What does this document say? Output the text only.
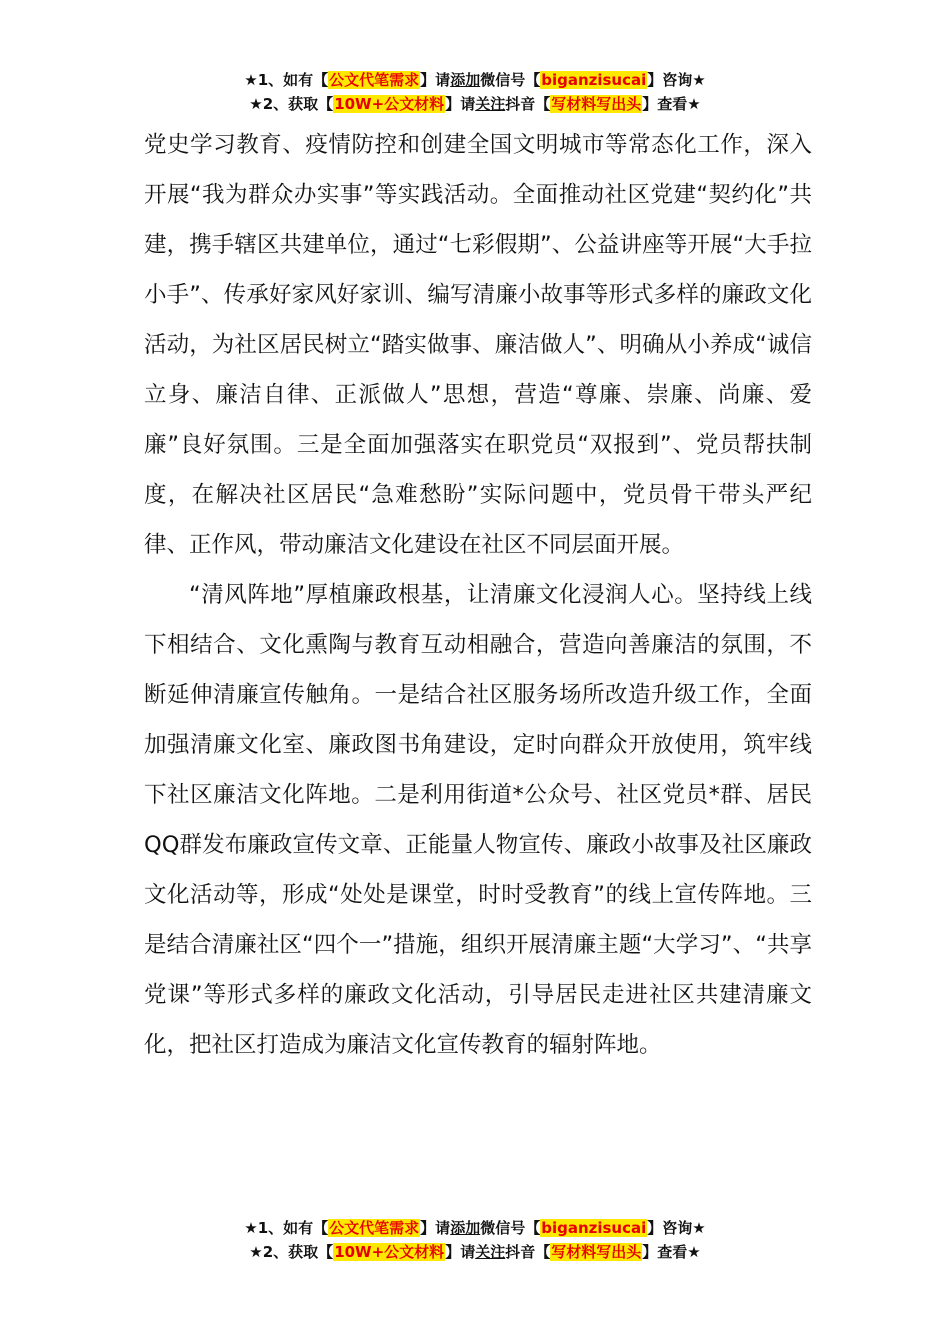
★1、如有【公文代笔需求】请添加微信号【biganzisucai】咨询★
★2、获取【10W+公文材料】请关注抖音【写材料写出头】查看★

党史学习教育、疫情防控和创建全国文明城市等常态化工作，深入开展“我为群众办实事”等实践活动。全面推动社区党建“契约化”共建，携手辖区共建单位，通过“七彩假期”、公益讲座等开展“大手拉小手”、传承好家风好家训、编写清廉小故事等形式多样的廉政文化活动，为社区居民树立“踏实做事、廉洁做人”、明确从小养成“诚信立身、廉洁自律、正派做人”思想，营造“尊廉、崇廉、尚廉、爱廉”良好氛围。三是全面加强落实在职党员“双报到”、党员帮扶制度，在解决社区居民“急难愁盼”实际问题中，党员骨干带头严纪律、正作风，带动廉洁文化建设在社区不同层面开展。

“清风阵地”厚植廉政根基，让清廉文化浸润人心。坚持线上线下相结合、文化熏陶与教育互动相融合，营造向善廉洁的氛围，不断延伸清廉宣传触角。一是结合社区服务场所改造升级工作，全面加强清廉文化室、廉政图书角建设，定时向群众开放使用，筑牢线下社区廉洁文化阵地。二是利用街道*公众号、社区党员*群、居民QQ群发布廉政宣传文章、正能量人物宣传、廉政小故事及社区廉政文化活动等，形成“处处是课堂，时时受教育”的线上宣传阵地。三是结合清廉社区“四个一”措施，组织开展清廉主题“大学习”、“共享党课”等形式多样的廉政文化活动，引导居民走进社区共建清廉文化，把社区打造成为廉洁文化宣传教育的辐射阵地。

★1、如有【公文代笔需求】请添加微信号【biganzisucai】咨询★
★2、获取【10W+公文材料】请关注抖音【写材料写出头】查看★
